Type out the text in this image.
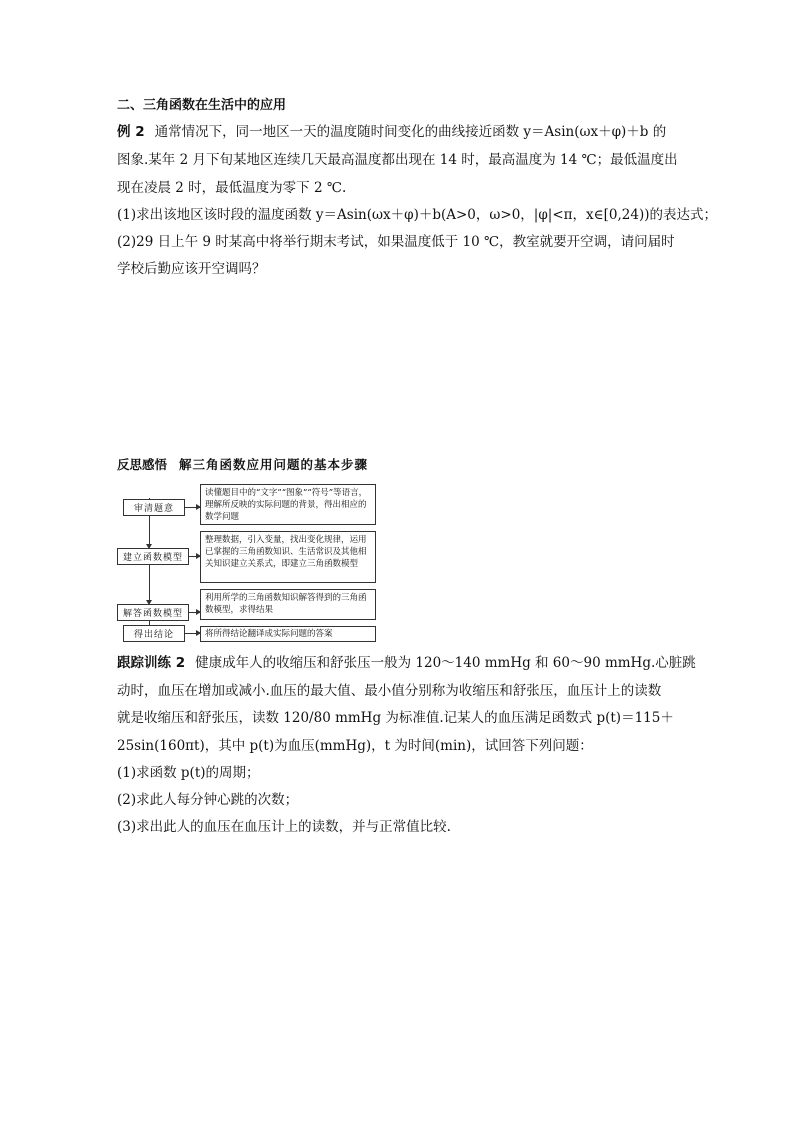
二、三角函数在生活中的应用
例 2 通常情况下，同一地区一天的温度随时间变化的曲线接近函数 y＝Asin(ωx＋φ)＋b 的
图象.某年 2 月下旬某地区连续几天最高温度都出现在 14 时，最高温度为 14 ℃；最低温度出
现在凌晨 2 时，最低温度为零下 2 ℃.
(1)求出该地区该时段的温度函数 y＝Asin(ωx＋φ)＋b(A>0，ω>0，|φ|<π，x∈[0,24))的表达式；
(2)29 日上午 9 时某高中将举行期末考试，如果温度低于 10 ℃，教室就要开空调，请问届时
学校后勤应该开空调吗？
反思感悟 解三角函数应用问题的基本步骤
审清题意
读懂题目中的“文字”“图象”“符号”等语言，理解所反映的实际问题的背景，得出相应的数学问题
建立函数模型
整理数据，引入变量，找出变化规律，运用已掌握的三角函数知识、生活常识及其他相关知识建立关系式，即建立三角函数模型
解答函数模型
利用所学的三角函数知识解答得到的三角函数模型，求得结果
得出结论	将所得结论翻译成实际问题的答案
跟踪训练 2 健康成年人的收缩压和舒张压一般为 120～140 mmHg 和 60～90 mmHg.心脏跳
动时，血压在增加或减小.血压的最大值、最小值分别称为收缩压和舒张压，血压计上的读数
就是收缩压和舒张压，读数 120/80 mmHg 为标准值.记某人的血压满足函数式 p(t)＝115＋
25sin(160πt)，其中 p(t)为血压(mmHg)，t 为时间(min)，试回答下列问题：
(1)求函数 p(t)的周期；
(2)求此人每分钟心跳的次数；
(3)求出此人的血压在血压计上的读数，并与正常值比较.
